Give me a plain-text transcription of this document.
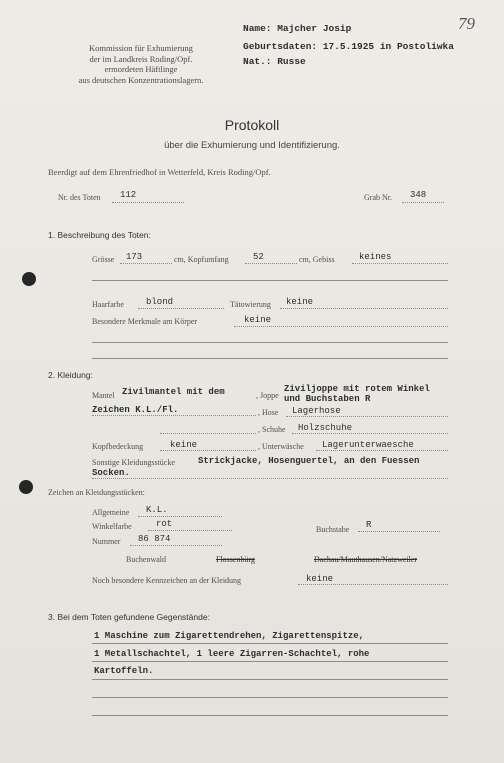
79
Kommission für Exhumierung
der im Landkreis Roding/Opf.
ermordeten Häftlinge
aus deutschen Konzentrationslagern.
Name: Majcher Josip
Geburtsdaten: 17.5.1925 in Postoliwka
Nat.: Russe
Protokoll
über die Exhumierung und Identifizierung.
Beerdigt auf dem Ehrenfriedhof in Wetterfeld, Kreis Roding/Opf.
Nr. des Toten 112	Grab Nr. 348
1. Beschreibung des Toten:
Grösse 173	cm, Kopfumfang	52	cm, Gebiss	keines
Haarfarbe blond	Tätowierung keine
Besondere Merkmale am Körper	keine
2. Kleidung:
Mantel Zivilmantel mit dem	, Joppe
Ziviljoppe mit rotem Winkel
und Buchstaben R
Zeichen K.L./Fl.	, Hose Lagerhose
, Schuhe Holzschuhe
Kopfbedeckung	keine	, Unterwäsche Lagerunterwaesche
Sonstige Kleidungsstücke	Strickjacke, Hosenguertel, an den Fuessen
Socken.
Zeichen an Kleidungsstücken:
Allgemeine K.L.
Winkelfarbe	rot
Buchstabe R
Nummer 86 874
Buchenwald	Flossenbürg	Dachau/Mauthausen/Natzweiler
Noch besondere Kennzeichen an der Kleidung	keine
3. Bei dem Toten gefundene Gegenstände:
1 Maschine zum Zigarettendrehen, Zigarettenspitze,
1 Metallschachtel, 1 leere Zigarren-Schachtel, rohe
Kartoffeln.
